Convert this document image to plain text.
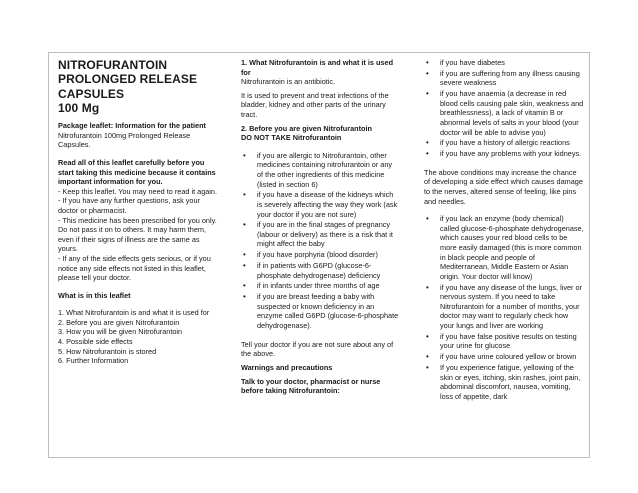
NITROFURANTOIN
PROLONGED RELEASE
CAPSULES
100 Mg

Package leaflet: Information for the patient

Nitrofurantoin 100mg Prolonged Release Capsules.

Read all of this leaflet carefully before you start taking this medicine because it contains important information for you.

- Keep this leaflet. You may need to read it again.

- If you have any further questions, ask your doctor or pharmacist.

- This medicine has been prescribed for you only. Do not pass it on to others. It may harm them, even if their signs of illness are the same as yours.

- If any of the side effects gets serious, or if you notice any side effects not listed in this leaflet, please tell your doctor.

What is in this leaflet

1. What Nitrofurantoin is and what it is used for

2. Before you are given Nitrofurantoin

3. How you will be given Nitrofurantoin

4. Possible side effects

5. How Nitrofurantoin is stored

6. Further Information

1. What Nitrofurantoin is and what it is used for

Nitrofurantoin is an antibiotic.

It is used to prevent and treat infections of the bladder, kidney and other parts of the urinary tract.

2. Before you are given Nitrofurantoin

DO NOT TAKE Nitrofurantoin

• if you are allergic to Nitrofurantoin, other medicines containing nitrofurantoin or any of the other ingredients of this medicine (listed in section 6)
• if you have a disease of the kidneys which is severely affecting the way they work (ask your doctor if you are not sure)
• if you are in the final stages of pregnancy (labour or delivery) as there is a risk that it might affect the baby
• if you have porphyria (blood disorder)
• if in patients with G6PD (glucose-6-phosphate dehydrogenase) deficiency
• if in infants under three months of age
• if you are breast feeding a baby with suspected or known deficiency in an enzyme called G6PD (glucose-6-phosphate dehydrogenase).

Tell your doctor if you are not sure about any of the above.

Warnings and precautions

Talk to your doctor, pharmacist or nurse before taking Nitrofurantoin:

• if you have diabetes
• if you are suffering from any illness causing severe weakness
• if you have anaemia (a decrease in red blood cells causing pale skin, weakness and breathlessness), a lack of vitamin B or abnormal levels of salts in your blood (your doctor will be able to advise you)
• if you have a history of allergic reactions
• if you have any problems with your kidneys.

The above conditions may increase the chance of developing a side effect which causes damage to the nerves, altered sense of feeling, like pins and needles.

• if you lack an enzyme (body chemical) called glucose-6-phosphate dehydrogenase, which causes your red blood cells to be more easily damaged (this is more common in black people and people of Mediterranean, Middle Eastern or Asian origin. Your doctor will know)
• if you have any disease of the lungs, liver or nervous system. If you need to take Nitrofurantoin for a number of months, your doctor may want to regularly check how your lungs and liver are working
• if you have false positive results on testing your urine for glucose
• if you have urine coloured yellow or brown
• If you experience fatigue, yellowing of the skin or eyes, itching, skin rashes, joint pain, abdominal discomfort, nausea, vomiting, loss of appetite, dark
